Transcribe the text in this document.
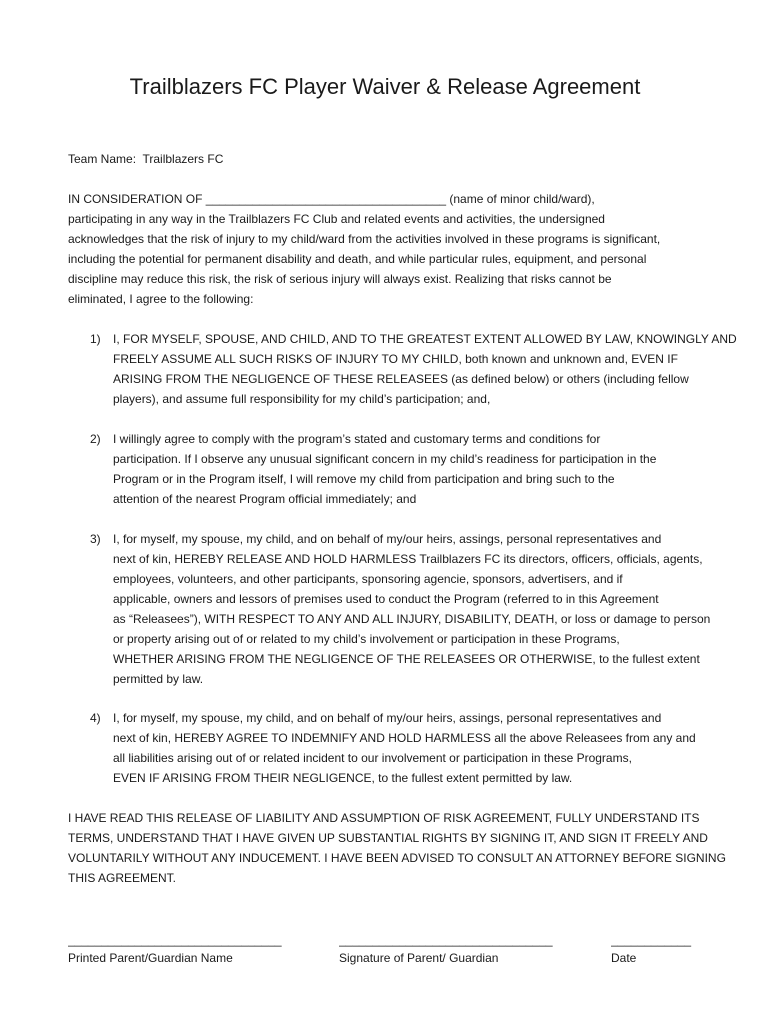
Trailblazers FC Player Waiver & Release Agreement
Team Name: Trailblazers FC
IN CONSIDERATION OF ____________________________________ (name of minor child/ward),
participating in any way in the Trailblazers FC Club and related events and activities, the undersigned
acknowledges that the risk of injury to my child/ward from the activities involved in these programs is significant,
including the potential for permanent disability and death, and while particular rules, equipment, and personal
discipline may reduce this risk, the risk of serious injury will always exist. Realizing that risks cannot be
eliminated, I agree to the following:
1)	I, FOR MYSELF, SPOUSE, AND CHILD, AND TO THE GREATEST EXTENT ALLOWED BY LAW, KNOWINGLY AND
FREELY ASSUME ALL SUCH RISKS OF INJURY TO MY CHILD, both known and unknown and, EVEN IF
ARISING FROM THE NEGLIGENCE OF THESE RELEASEES (as defined below) or others (including fellow
players), and assume full responsibility for my child’s participation; and,
2)	I willingly agree to comply with the program’s stated and customary terms and conditions for
participation. If I observe any unusual significant concern in my child’s readiness for participation in the
Program or in the Program itself, I will remove my child from participation and bring such to the
attention of the nearest Program official immediately; and
3)	I, for myself, my spouse, my child, and on behalf of my/our heirs, assings, personal representatives and
next of kin, HEREBY RELEASE AND HOLD HARMLESS Trailblazers FC its directors, officers, officials, agents,
employees, volunteers, and other participants, sponsoring agencie, sponsors, advertisers, and if
applicable, owners and lessors of premises used to conduct the Program (referred to in this Agreement
as “Releasees”), WITH RESPECT TO ANY AND ALL INJURY, DISABILITY, DEATH, or loss or damage to person
or property arising out of or related to my child’s involvement or participation in these Programs,
WHETHER ARISING FROM THE NEGLIGENCE OF THE RELEASEES OR OTHERWISE, to the fullest extent
permitted by law.
4)	I, for myself, my spouse, my child, and on behalf of my/our heirs, assings, personal representatives and
next of kin, HEREBY AGREE TO INDEMNIFY AND HOLD HARMLESS all the above Releasees from any and
all liabilities arising out of or related incident to our involvement or participation in these Programs,
EVEN IF ARISING FROM THEIR NEGLIGENCE, to the fullest extent permitted by law.
I HAVE READ THIS RELEASE OF LIABILITY AND ASSUMPTION OF RISK AGREEMENT, FULLY UNDERSTAND ITS
TERMS, UNDERSTAND THAT I HAVE GIVEN UP SUBSTANTIAL RIGHTS BY SIGNING IT, AND SIGN IT FREELY AND
VOLUNTARILY WITHOUT ANY INDUCEMENT. I HAVE BEEN ADVISED TO CONSULT AN ATTORNEY BEFORE SIGNING
THIS AGREEMENT.
________________________________
Printed Parent/Guardian Name
________________________________
Signature of Parent/ Guardian
____________
Date
